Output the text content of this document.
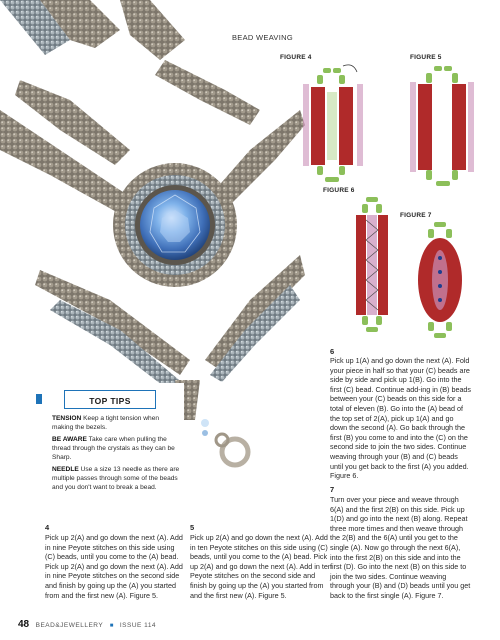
BEAD WEAVING
FIGURE 4	FIGURE 5
FIGURE 6
FIGURE 7
TOP TIPS
TENSION Keep a tight tension when making the bezels.
BE AWARE Take care when pulling the thread through the crystals as they can be Sharp.
NEEDLE Use a size 13 needle as there are multiple passes through some of the beads and you don't want to break a bead.
4
Pick up 2(A) and go down the next (A). Add in nine Peyote stitches on this side using (C) beads, until you come to the (A) bead. Pick up 2(A) and go down the next (A). Add in nine Peyote stitches on the second side and finish by going up the (A) you started from and the first new (A). Figure 5.
5
Pick up 2(A) and go down the next (A). Add in ten Peyote stitches on this side using (C) beads, until you come to the (A) bead. Pick up 2(A) and go down the next (A). Add in ten Peyote stitches on the second side and finish by going up the (A) you started from and the first new (A). Figure 5.
6
Pick up 1(A) and go down the next (A). Fold your piece in half so that your (C) beads are side by side and pick up 1(B). Go into the first (C) bead. Continue add-ing in (B) beads between your (C) beads on this side for a total of eleven (B). Go into the (A) bead of the top set of 2(A), pick up 1(A) and go down the second (A). Go back through the first (B) you come to and into the (C) on the second side to join the two sides. Continue weaving through your (B) and (C) beads until you get back to the first (A) you added. Figure 6.
7
Turn over your piece and weave through 6(A) and the first 2(B) on this side. Pick up 1(D) and go into the next (B) along. Repeat three more times and then weave through the 2(B) and the 6(A) until you get to the single (A). Now go through the next 6(A), into the first 2(B) on this side and into the first (D). Go into the next (B) on this side to join the two sides. Continue weaving through your (B) and (D) beads until you get back to the first single (A). Figure 7.
48 BEAD&JEWELLERY ■ ISSUE 114
